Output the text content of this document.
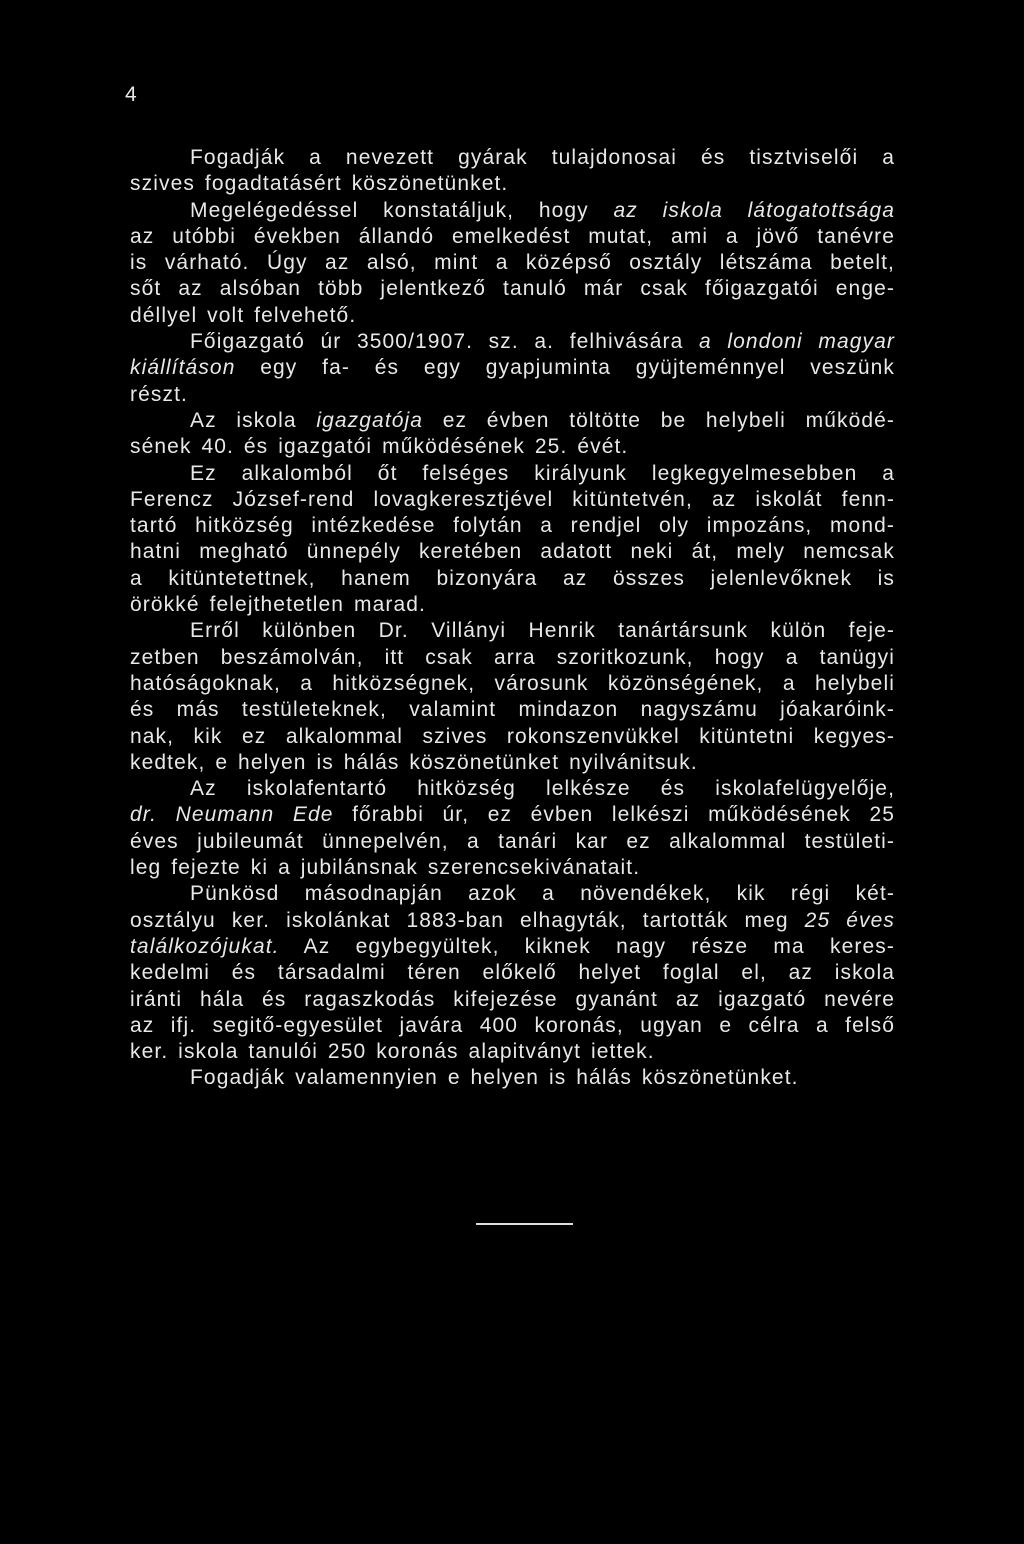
4
Fogadják a nevezett gyárak tulajdonosai és tisztviselői a
szives fogadtatásért köszönetünket.
Megelégedéssel konstatáljuk, hogy az iskola látogatottsága
az utóbbi években állandó emelkedést mutat, ami a jövő tanévre
is várható. Úgy az alsó, mint a középső osztály létszáma betelt,
sőt az alsóban több jelentkező tanuló már csak főigazgatói enge-
déllyel volt felvehető.
Főigazgató úr 3500/1907. sz. a. felhivására a londoni magyar
kiállításon egy fa- és egy gyapjuminta gyüjteménnyel veszünk
részt.
Az iskola igazgatója ez évben töltötte be helybeli működé-
sének 40. és igazgatói működésének 25. évét.
Ez alkalomból őt felséges királyunk legkegyelmesebben a
Ferencz József-rend lovagkeresztjével kitüntetvén, az iskolát fenn-
tartó hitközség intézkedése folytán a rendjel oly impozáns, mond-
hatni megható ünnepély keretében adatott neki át, mely nemcsak
a kitüntetettnek, hanem bizonyára az összes jelenlevőknek is
örökké felejthetetlen marad.
Erről különben Dr. Villányi Henrik tanártársunk külön feje-
zetben beszámolván, itt csak arra szoritkozunk, hogy a tanügyi
hatóságoknak, a hitközségnek, városunk közönségének, a helybeli
és más testületeknek, valamint mindazon nagyszámu jóakaróink-
nak, kik ez alkalommal szives rokonszenvükkel kitüntetni kegyes-
kedtek, e helyen is hálás köszönetünket nyilvánitsuk.
Az iskolafentartó hitközség lelkésze és iskolafelügyelője,
dr. Neumann Ede főrabbi úr, ez évben lelkészi működésének 25
éves jubileumát ünnepelvén, a tanári kar ez alkalommal testületi-
leg fejezte ki a jubilánsnak szerencsekivánatait.
Pünkösd másodnapján azok a növendékek, kik régi két-
osztályu ker. iskolánkat 1883-ban elhagyták, tartották meg 25 éves
találkozójukat. Az egybegyültek, kiknek nagy része ma keres-
kedelmi és társadalmi téren előkelő helyet foglal el, az iskola
iránti hála és ragaszkodás kifejezése gyanánt az igazgató nevére
az ifj. segitő-egyesület javára 400 koronás, ugyan e célra a felső
ker. iskola tanulói 250 koronás alapitványt iettek.
Fogadják valamennyien e helyen is hálás köszönetünket.
